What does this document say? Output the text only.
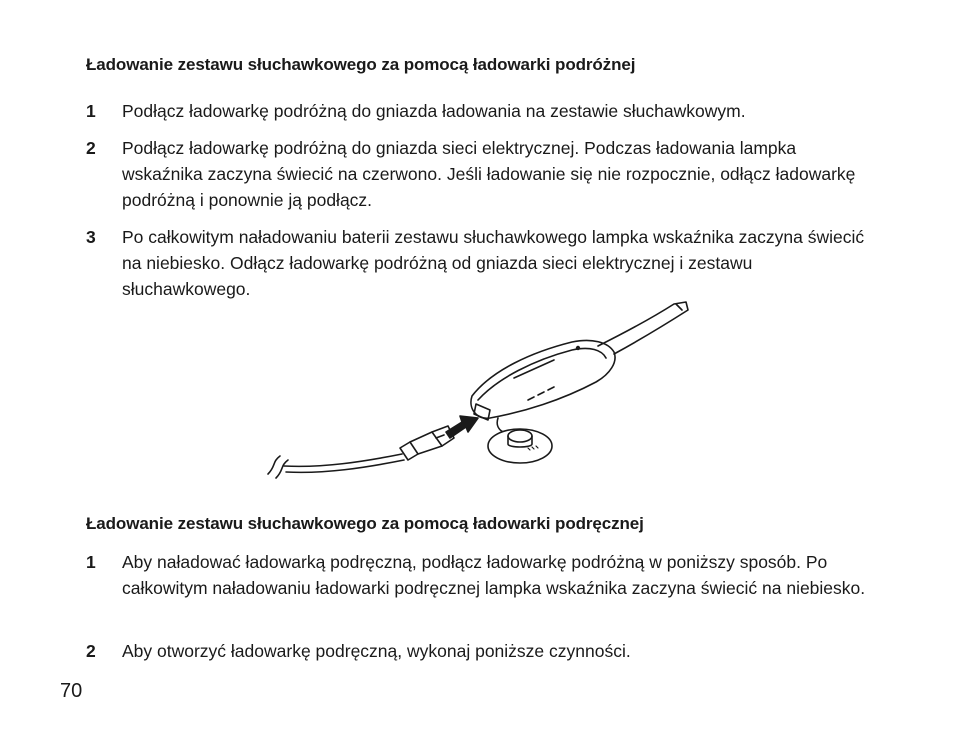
Ładowanie zestawu słuchawkowego za pomocą ładowarki podróżnej
1	Podłącz ładowarkę podróżną do gniazda ładowania na zestawie słuchawkowym.
2	Podłącz ładowarkę podróżną do gniazda sieci elektrycznej. Podczas ładowania lampka wskaźnika zaczyna świecić na czerwono. Jeśli ładowanie się nie rozpocznie, odłącz ładowarkę podróżną i ponownie ją podłącz.
3	Po całkowitym naładowaniu baterii zestawu słuchawkowego lampka wskaźnika zaczyna świecić na niebiesko. Odłącz ładowarkę podróżną od gniazda sieci elektrycznej i zestawu słuchawkowego.
Ładowanie zestawu słuchawkowego za pomocą ładowarki podręcznej
1	Aby naładować ładowarką podręczną, podłącz ładowarkę podróżną w poniższy sposób. Po całkowitym naładowaniu ładowarki podręcznej lampka wskaźnika zaczyna świecić na niebiesko.
2	Aby otworzyć ładowarkę podręczną, wykonaj poniższe czynności.
70
